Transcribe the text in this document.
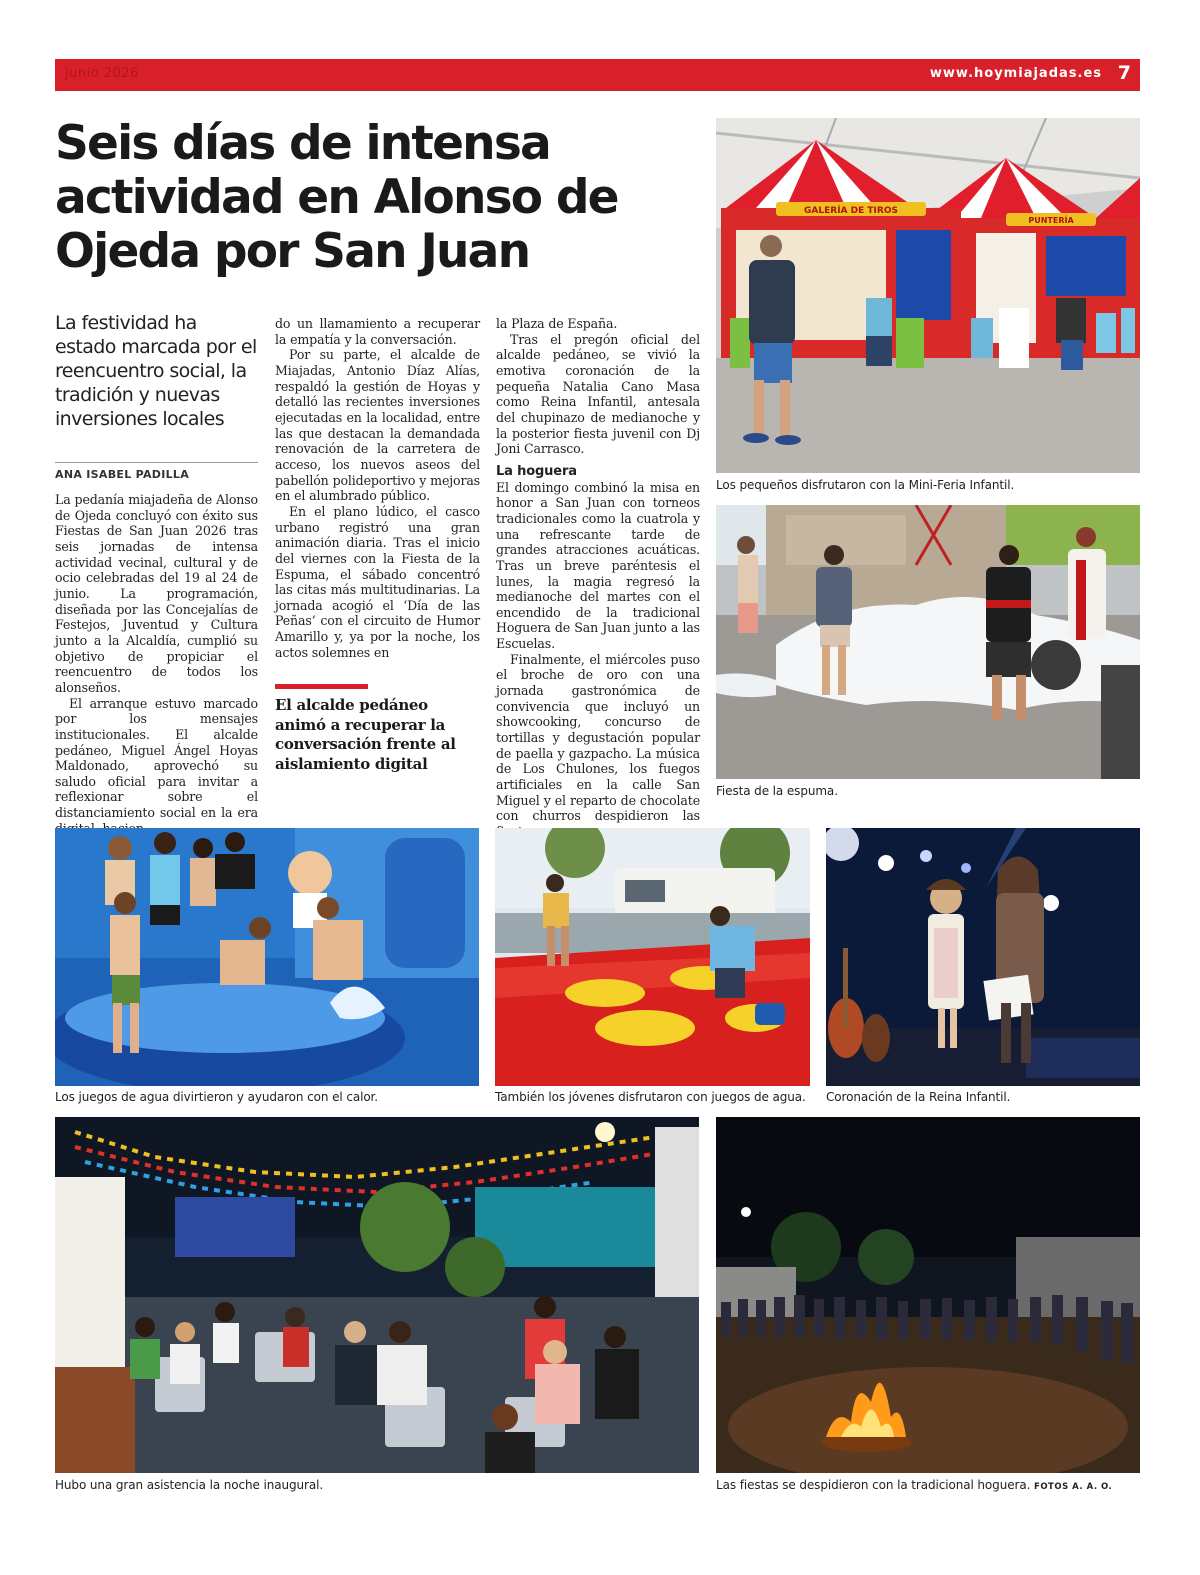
junio 2026	www.hoymiajadas.es 7
Seis días de intensa actividad en Alonso de Ojeda por San Juan
La festividad ha estado marcada por el reencuentro social, la tradición y nuevas inversiones locales
ANA ISABEL PADILLA

La pedanía miajadeña de Alonso de Ojeda concluyó con éxito sus Fiestas de San Juan 2026 tras seis jornadas de intensa actividad vecinal, cultural y de ocio celebradas del 19 al 24 de junio. La programación, diseñada por las Concejalías de Festejos, Juventud y Cultura junto a la Alcaldía, cumplió su objetivo de propiciar el reencuentro de todos los alonseños.

El arranque estuvo marcado por los mensajes institucionales. El alcalde pedáneo, Miguel Ángel Hoyas Maldonado, aprovechó su saludo oficial para invitar a reflexionar sobre el distanciamiento social en la era

do un llamamiento a recuperar la empatía y la conversación.

Por su parte, el alcalde de Miajadas, Antonio Díaz Alías, respaldó la gestión de Hoyas y detalló las recientes inversiones ejecutadas en la localidad, entre las que destacan la demandada renovación de la carretera de acceso, los nuevos aseos del pabellón polideportivo y mejoras en el alumbrado público.

En el plano lúdico, el casco urbano registró una gran animación diaria. Tras el inicio del viernes con la Fiesta de la Espuma, el sábado concentró las citas más multitudinarias. La jornada acogió el ‘Día de las Peñas’ con el circuito de Humor Amarillo y, ya por la noche, los actos solemnes en

El alcalde pedáneo animó a recuperar la conversación frente al aislamiento digital

la Plaza de España.

Tras el pregón oficial del alcalde pedáneo, se vivió la emotiva coronación de la pequeña Natalia Cano Masa como Reina Infantil, antesala del chupinazo de medianoche y la posterior fiesta juvenil con Dj Joni Carrasco.

La hoguera

El domingo combinó la misa en honor a San Juan con torneos tradicionales como la cuatrola y una refrescante tarde de grandes atracciones acuáticas. Tras un breve paréntesis el lunes, la magia regresó la medianoche del martes con el encendido de la tradicional Hoguera de San Juan junto a las Escuelas.

Finalmente, el miércoles puso el broche de oro con una jornada gastronómica de convivencia que incluyó un showcooking, concurso de tortillas y degustación popular de paella y gazpacho. La música de Los Chulones, los fuegos artificiales en la calle San Miguel y el reparto de chocolate con churros despidieron las

GALERÍA DE TIROS
PUNTERÍA
Los pequeños disfrutaron con la Mini-Feria Infantil.
Fiesta de la espuma.
Los juegos de agua divirtieron y ayudaron con el calor.	También los jóvenes disfrutaron con juegos de agua. Coronación de la Reina Infantil.
Hubo una gran asistencia la noche inaugural.	Las fiestas se despidieron con la tradicional hoguera. FOTOS A. A. O.
